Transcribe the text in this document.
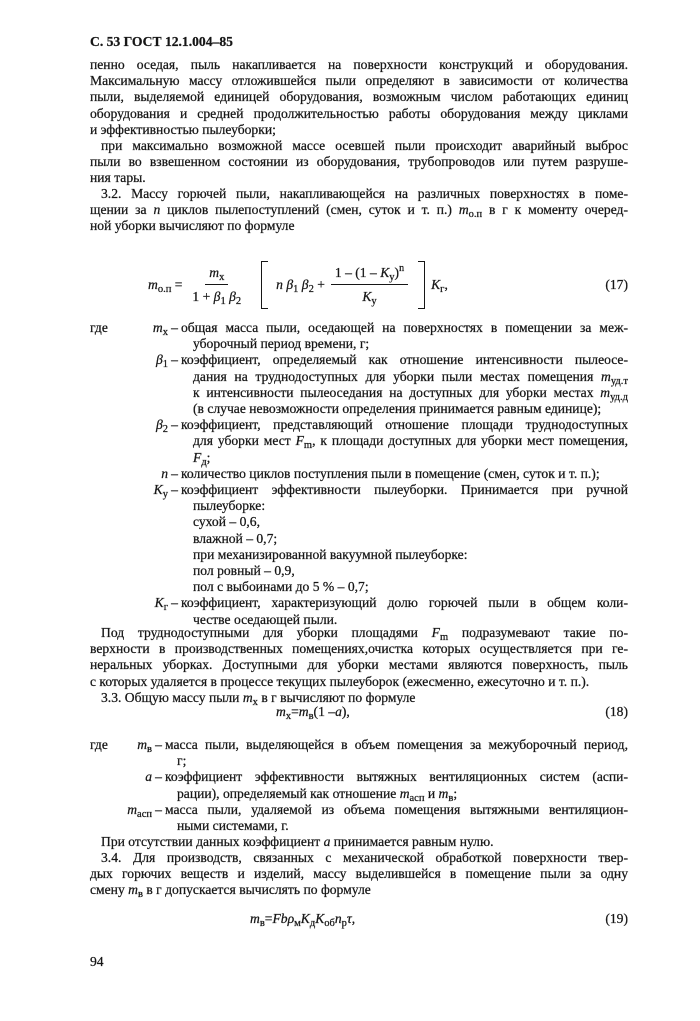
С. 53 ГОСТ 12.1.004–85
пенно оседая, пыль накапливается на поверхности конструкций и оборудования.
Максимальную массу отложившейся пыли определяют в зависимости от количества
пыли, выделяемой единицей оборудования, возможным числом работающих единиц
оборудования и средней продолжительностью работы оборудования между циклами
и эффективностью пылеуборки;
при максимально возможной массе осевшей пыли происходит аварийный выброс
пыли во взвешенном состоянии из оборудования, трубопроводов или путем разруше-
ния тары.
3.2. Массу горючей пыли, накапливающейся на различных поверхностях в поме-
щении за n циклов пылепоступлений (смен, суток и т. п.) $m_{о.п}$ в г к моменту очеред-
ной уборки вычисляют по формуле
$m_{о.п} = \frac{m_х}{1 + \beta_1 \beta_2}$ n $\beta_1$ $\beta_2 + \frac{1 - (1 - K_у)^n}{K_у} K_г$,	(17)
где	$m_х$ – общая масса пыли, оседающей на поверхностях в помещении за меж-
уборочный период времени, г;
$\beta_1$ – коэффициент, определяемый как отношение интенсивности пылеосе-
дания на труднодоступных для уборки пыли местах помещения $m_{уд.т}$
к интенсивности пылеоседания на доступных для уборки местах $m_{уд.д}$
(в случае невозможности определения принимается равным единице);
$\beta_2$ – коэффициент, представляющий отношение площади труднодоступных
для уборки мест $F_m$, к площади доступных для уборки мест помещения,
$F_д$;
n – количество циклов поступления пыли в помещение (смен, суток и т. п.);
$K_у$ – коэффициент эффективности пылеуборки. Принимается при ручной
пылеуборке:
сухой – 0,6,
влажной – 0,7;
при механизированной вакуумной пылеуборке:
пол ровный – 0,9,
пол с выбоинами до 5 % – 0,7;
$K_г$ – коэффициент, характеризующий долю горючей пыли в общем коли-
честве оседающей пыли.
Под труднодоступными для уборки площадями $F_m$ подразумевают такие по-
верхности в производственных помещениях,очистка которых осуществляется при ге-
неральных уборках. Доступными для уборки местами являются поверхность, пыль
с которых удаляется в процессе текущих пылеуборок (ежесменно, ежесуточно и т. п.).
3.3. Общую массу пыли $m_х$ в г вычисляют по формуле
$m_х = m_в$ (1 – a ),	(18)
где	$m_в$ – масса пыли, выделяющейся в объем помещения за межуборочный период,
г;
a – коэффициент эффективности вытяжных вентиляционных систем (аспи-
рации), определяемый как отношение $m_{асп}$ и $m_в$;
$m_{асп}$ – масса пыли, удаляемой из объема помещения вытяжными вентиляцион-
ными системами, г.
При отсутствии данных коэффициент a принимается равным нулю.
3.4. Для производств, связанных с механической обработкой поверхности твер-
дых горючих веществ и изделий, массу выделившейся в помещение пыли за одну
смену $m_в$ в г допускается вычислять по формуле
$m_в = Fb\rho_м$ $K_д$ $K_{об}$ $n_р$ τ ,	(19)
94
